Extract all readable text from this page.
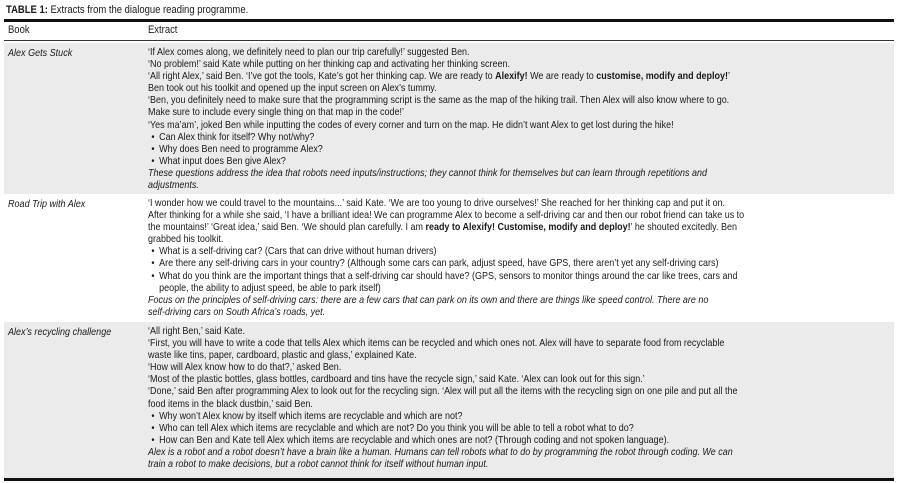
TABLE 1: Extracts from the dialogue reading programme.
Book	Extract
Alex Gets Stuck	‘If Alex comes along, we definitely need to plan our trip carefully!’ suggested Ben.
‘No problem!’ said Kate while putting on her thinking cap and activating her thinking screen.
‘All right Alex,’ said Ben. ‘I’ve got the tools, Kate’s got her thinking cap. We are ready to Alexify! We are ready to customise, modify and deploy!’
Ben took out his toolkit and opened up the input screen on Alex’s tummy.
‘Ben, you definitely need to make sure that the programming script is the same as the map of the hiking trail. Then Alex will also know where to go.
Make sure to include every single thing on that map in the code!’
‘Yes ma’am’, joked Ben while inputting the codes of every corner and turn on the map. He didn’t want Alex to get lost during the hike!
• Can Alex think for itself? Why not/why?
• Why does Ben need to programme Alex?
• What input does Ben give Alex?
These questions address the idea that robots need inputs/instructions; they cannot think for themselves but can learn through repetitions and
adjustments.
Road Trip with Alex	‘I wonder how we could travel to the mountains...’ said Kate. ‘We are too young to drive ourselves!’ She reached for her thinking cap and put it on.
After thinking for a while she said, ‘I have a brilliant idea! We can programme Alex to become a self-driving car and then our robot friend can take us to
the mountains!’ ‘Great idea,’ said Ben. ‘We should plan carefully. I am ready to Alexify! Customise, modify and deploy!’ he shouted excitedly. Ben
grabbed his toolkit.
• What is a self-driving car? (Cars that can drive without human drivers)
• Are there any self-driving cars in your country? (Although some cars can park, adjust speed, have GPS, there aren’t yet any self-driving cars)
• What do you think are the important things that a self-driving car should have? (GPS, sensors to monitor things around the car like trees, cars and
people, the ability to adjust speed, be able to park itself)
Focus on the principles of self-driving cars: there are a few cars that can park on its own and there are things like speed control. There are no
self-driving cars on South Africa’s roads, yet.
Alex’s recycling challenge	‘All right Ben,’ said Kate.
‘First, you will have to write a code that tells Alex which items can be recycled and which ones not. Alex will have to separate food from recyclable
waste like tins, paper, cardboard, plastic and glass,’ explained Kate.
‘How will Alex know how to do that?,’ asked Ben.
‘Most of the plastic bottles, glass bottles, cardboard and tins have the recycle sign,’ said Kate. ‘Alex can look out for this sign.’
‘Done,’ said Ben after programming Alex to look out for the recycling sign. ‘Alex will put all the items with the recycling sign on one pile and put all the
food items in the black dustbin,’ said Ben.
• Why won’t Alex know by itself which items are recyclable and which are not?
• Who can tell Alex which items are recyclable and which are not? Do you think you will be able to tell a robot what to do?
• How can Ben and Kate tell Alex which items are recyclable and which ones are not? (Through coding and not spoken language).
Alex is a robot and a robot doesn’t have a brain like a human. Humans can tell robots what to do by programming the robot through coding. We can
train a robot to make decisions, but a robot cannot think for itself without human input.
